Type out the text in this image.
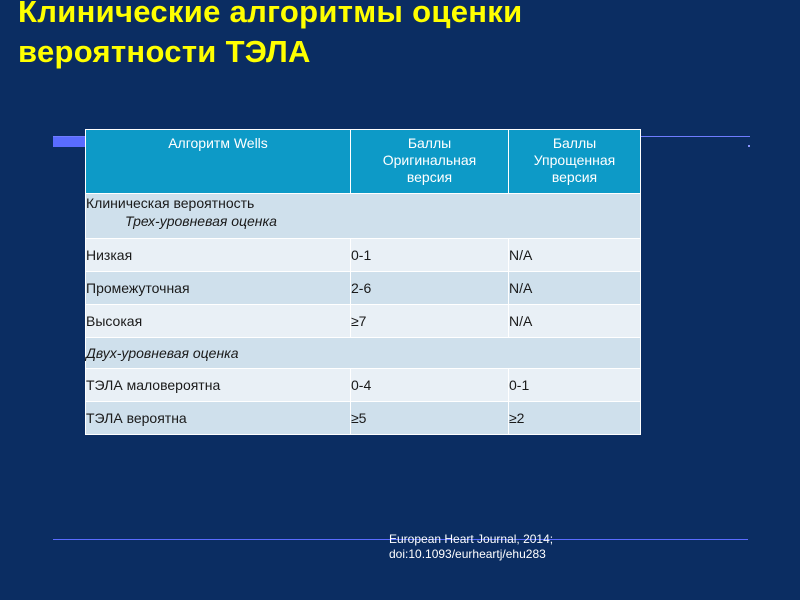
Клинические алгоритмы оценки
вероятности ТЭЛА
Алгоритм Wells	Баллы
Оригинальная
версия	Баллы
Упрощенная
версия

Клиническая вероятность
Трех-уровневая оценка		

Низкая	0-1	N/A
Промежуточная	2-6	N/A
Высокая	≥7	N/A
Двух-уровневая оценка		
ТЭЛА маловероятна	0-4	0-1
ТЭЛА вероятна	≥5	≥2
European Heart Journal, 2014;
doi:10.1093/eurheartj/ehu283
